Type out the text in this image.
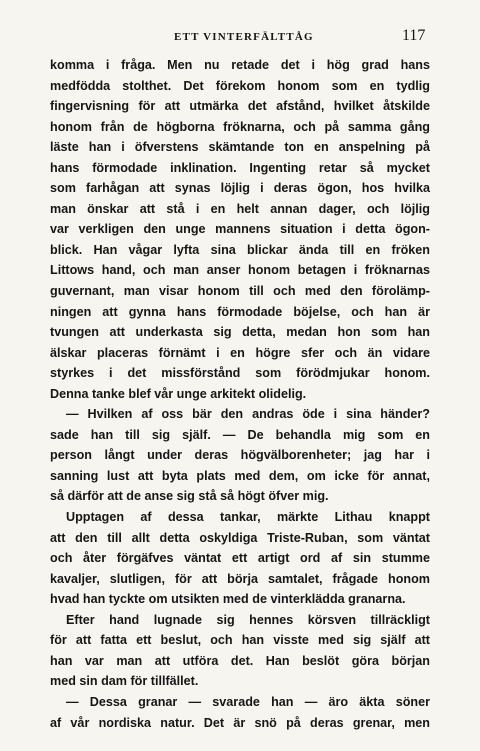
ETT VINTERFÄLTTÅG	117
komma i fråga. Men nu retade det i hög grad hans
medfödda stolthet. Det förekom honom som en tydlig
fingervisning för att utmärka det afstånd, hvilket åtskilde
honom från de högborna fröknarna, och på samma gång
läste han i öfverstens skämtande ton en anspelning på
hans förmodade inklination. Ingenting retar så mycket
som farhågan att synas löjlig i deras ögon, hos hvilka
man önskar att stå i en helt annan dager, och löjlig
var verkligen den unge mannens situation i detta ögon-
blick. Han vågar lyfta sina blickar ända till en fröken
Littows hand, och man anser honom betagen i fröknarnas
guvernant, man visar honom till och med den förolämp-
ningen att gynna hans förmodade böjelse, och han är
tvungen att underkasta sig detta, medan hon som han
älskar placeras förnämt i en högre sfer och än vidare
styrkes i det missförstånd som förödmjukar honom.
Denna tanke blef vår unge arkitekt olidelig.
— Hvilken af oss bär den andras öde i sina händer?
sade han till sig själf. — De behandla mig som en
person långt under deras högvälborenheter; jag har i
sanning lust att byta plats med dem, om icke för annat,
så därför att de anse sig stå så högt öfver mig.
Upptagen af dessa tankar, märkte Lithau knappt
att den till allt detta oskyldiga Triste-Ruban, som väntat
och åter förgäfves väntat ett artigt ord af sin stumme
kavaljer, slutligen, för att börja samtalet, frågade honom
hvad han tyckte om utsikten med de vinterklädda granarna.
Efter hand lugnade sig hennes körsven tillräckligt
för att fatta ett beslut, och han visste med sig själf att
han var man att utföra det. Han beslöt göra början
med sin dam för tillfället.
— Dessa granar — svarade han — äro äkta söner
af vår nordiska natur. Det är snö på deras grenar, men
